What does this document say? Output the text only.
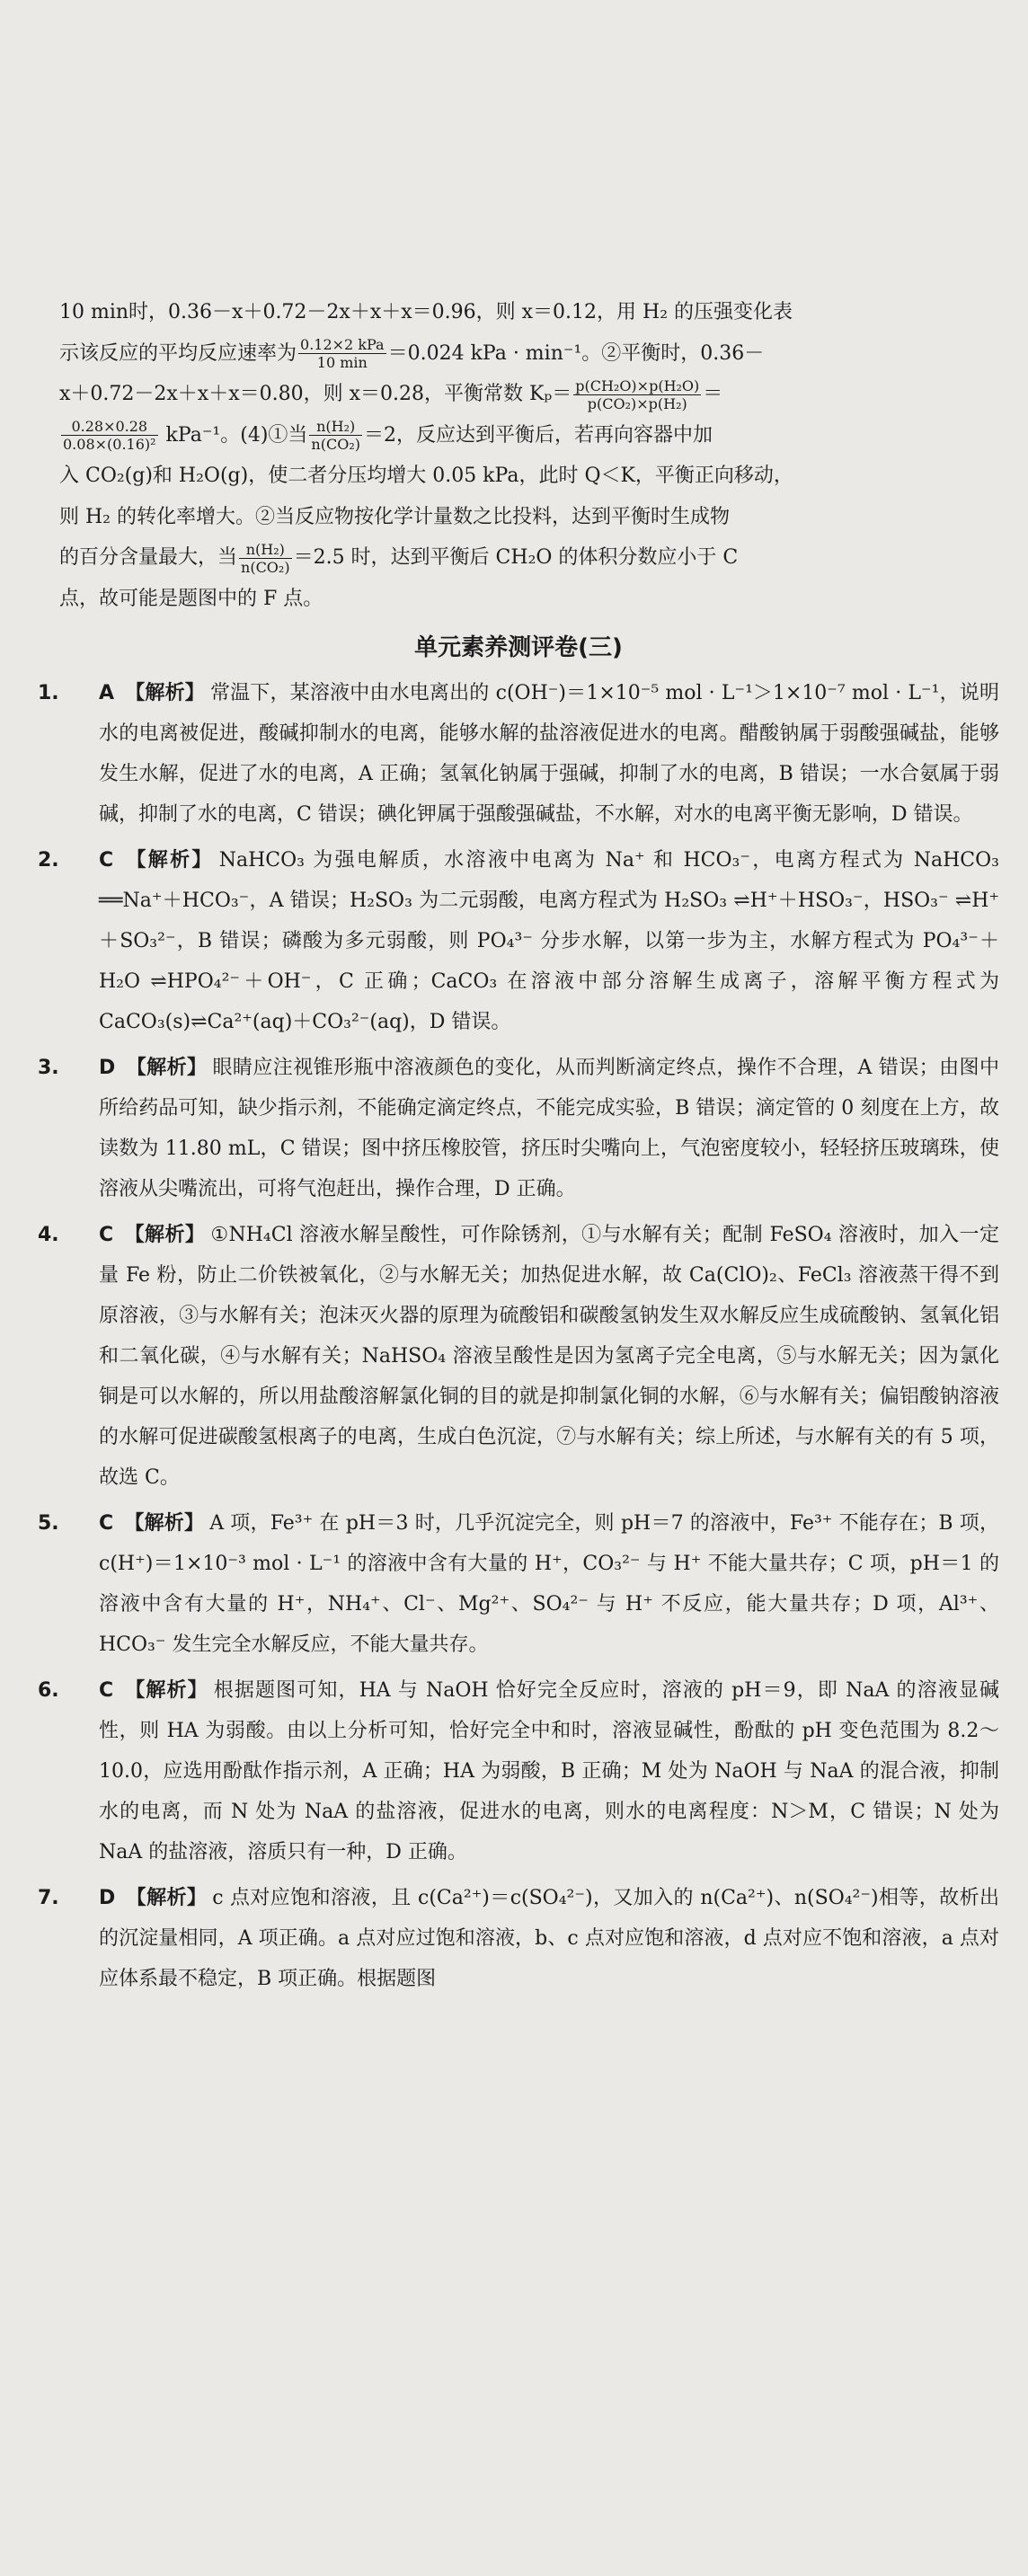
10 min时，0.36－x＋0.72－2x＋x＋x＝0.96，则 x＝0.12，用 H₂ 的压强变化表

示该反应的平均反应速率为 $\frac{\text{0.12×2 kPa}}{10 \min} =0.024$ kPa · min⁻¹。②平衡时，0.36－

x＋0.72－2x＋x＋x＝0.80，则 x＝0.28，平衡常数 $K_p= \frac{\text{p(CH₂O)×p(H₂O)}}{\text{p(CO₂)×p(H₂)}}$ ＝

$\frac{0.28\times 0.28}{\text{0.08×(0.16)²}} kPa^{-1}$。(4)①当 $\frac{\text{n(H₂)}}{\text{n(CO₂)}} =2$，反应达到平衡后，若再向容器中加

入 CO₂(g)和 H₂O(g)，使二者分压均增大 0.05 kPa，此时 Q＜K，平衡正向移动，

则 H₂ 的转化率增大。②当反应物按化学计量数之比投料，达到平衡时生成物

的百分含量最大，当 $\frac{\text{n(H₂)}}{\text{n(CO₂)}} =2.5$ 时，达到平衡后 CH₂O 的体积分数应小于 C

点，故可能是题图中的 F 点。

单元素养测评卷(三)
1.	A 【解析】 常温下，某溶液中由水电离出的 c(OH⁻)＝1×10⁻⁵ mol · L⁻¹＞1×10⁻⁷ mol · L⁻¹，说明水的电离被促进，酸碱抑制水的电离，能够水解的盐溶液促进水的电离。醋酸钠属于弱酸强碱盐，能够发生水解，促进了水的电离，A 正确；氢氧化钠属于强碱，抑制了水的电离，B 错误；一水合氨属于弱碱，抑制了水的电离，C 错误；碘化钾属于强酸强碱盐，不水解，对水的电离平衡无影响，D 错误。
2.	C 【解析】 NaHCO₃ 为强电解质，水溶液中电离为 Na⁺ 和 HCO₃⁻，电离方程式为 NaHCO₃ ══Na⁺＋HCO₃⁻，A 错误；H₂SO₃ 为二元弱酸，电离方程式为 H₂SO₃ ⇌H⁺＋HSO₃⁻，HSO₃⁻ ⇌H⁺＋SO₃²⁻，B 错误；磷酸为多元弱酸，则 PO₄³⁻ 分步水解，以第一步为主，水解方程式为 PO₄³⁻＋H₂O ⇌HPO₄²⁻＋OH⁻，C 正确；CaCO₃ 在溶液中部分溶解生成离子，溶解平衡方程式为 CaCO₃(s)⇌Ca²⁺(aq)＋CO₃²⁻(aq)，D 错误。
3.	D 【解析】 眼睛应注视锥形瓶中溶液颜色的变化，从而判断滴定终点，操作不合理，A 错误；由图中所给药品可知，缺少指示剂，不能确定滴定终点，不能完成实验，B 错误；滴定管的 0 刻度在上方，故读数为 11.80 mL，C 错误；图中挤压橡胶管，挤压时尖嘴向上，气泡密度较小，轻轻挤压玻璃珠，使溶液从尖嘴流出，可将气泡赶出，操作合理，D 正确。
4.	C 【解析】 ①NH₄Cl 溶液水解呈酸性，可作除锈剂，①与水解有关；配制 FeSO₄ 溶液时，加入一定量 Fe 粉，防止二价铁被氧化，②与水解无关；加热促进水解，故 Ca(ClO)₂、FeCl₃ 溶液蒸干得不到原溶液，③与水解有关；泡沫灭火器的原理为硫酸铝和碳酸氢钠发生双水解反应生成硫酸钠、氢氧化铝和二氧化碳，④与水解有关；NaHSO₄ 溶液呈酸性是因为氢离子完全电离，⑤与水解无关；因为氯化铜是可以水解的，所以用盐酸溶解氯化铜的目的就是抑制氯化铜的水解，⑥与水解有关；偏铝酸钠溶液的水解可促进碳酸氢根离子的电离，生成白色沉淀，⑦与水解有关；综上所述，与水解有关的有 5 项，故选 C。
5.	C 【解析】 A 项，Fe³⁺ 在 pH＝3 时，几乎沉淀完全，则 pH＝7 的溶液中，Fe³⁺ 不能存在；B 项，c(H⁺)＝1×10⁻³ mol · L⁻¹ 的溶液中含有大量的 H⁺，CO₃²⁻ 与 H⁺ 不能大量共存；C 项，pH＝1 的溶液中含有大量的 H⁺，NH₄⁺、Cl⁻、Mg²⁺、SO₄²⁻ 与 H⁺ 不反应，能大量共存；D 项，Al³⁺、HCO₃⁻ 发生完全水解反应，不能大量共存。
6.	C 【解析】 根据题图可知，HA 与 NaOH 恰好完全反应时，溶液的 pH＝9，即 NaA 的溶液显碱性，则 HA 为弱酸。由以上分析可知，恰好完全中和时，溶液显碱性，酚酞的 pH 变色范围为 8.2～10.0，应选用酚酞作指示剂，A 正确；HA 为弱酸，B 正确；M 处为 NaOH 与 NaA 的混合液，抑制水的电离，而 N 处为 NaA 的盐溶液，促进水的电离，则水的电离程度：N＞M，C 错误；N 处为 NaA 的盐溶液，溶质只有一种，D 正确。
7.	D 【解析】 c 点对应饱和溶液，且 c(Ca²⁺)＝c(SO₄²⁻)，又加入的 n(Ca²⁺)、n(SO₄²⁻)相等，故析出的沉淀量相同，A 项正确。a 点对应过饱和溶液，b、c 点对应饱和溶液，d 点对应不饱和溶液，a 点对应体系最不稳定，B 项正确。根据题图
